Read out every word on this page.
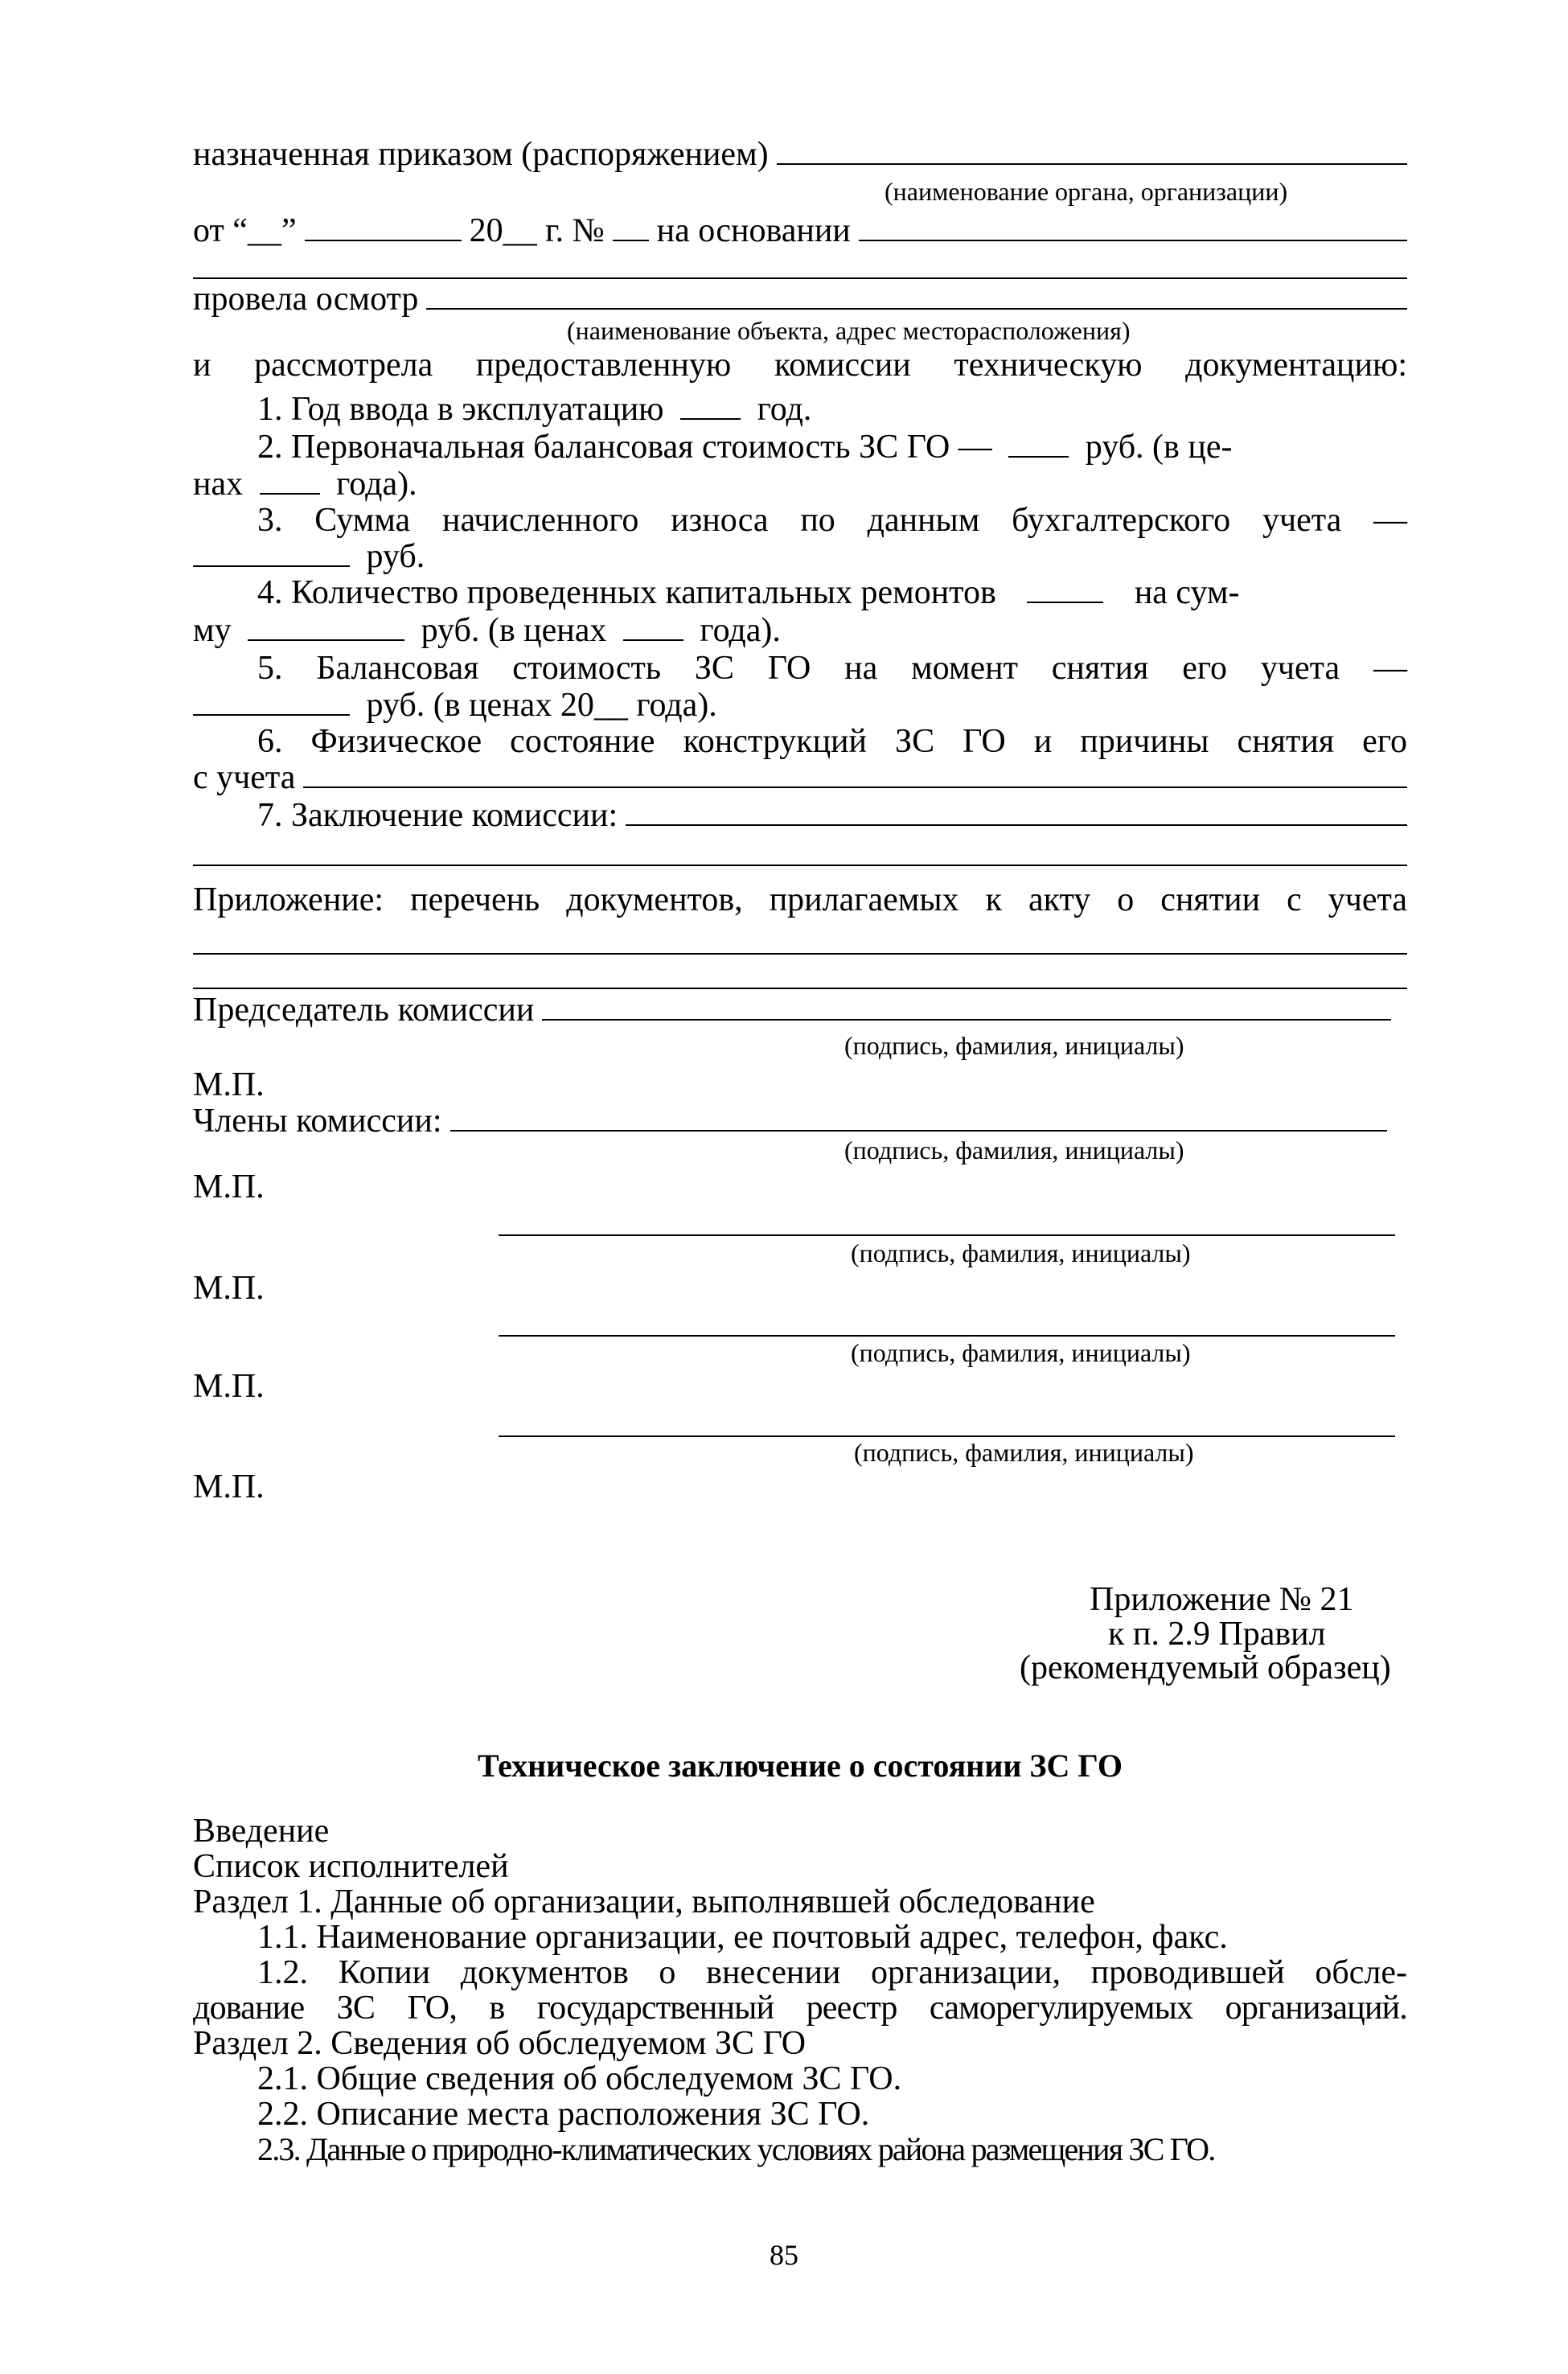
назначенная приказом (распоряжением)
(наименование органа, организации)
от “__”	20__ г. № на основании
провела осмотр
(наименование объекта, адрес месторасположения)
и рассмотрела предоставленную комиссии техническую документацию:
1. Год ввода в эксплуатацию	год.
2. Первоначальная балансовая стоимость ЗС ГО —	руб. (в це-
нах	года).
3. Сумма начисленного износа по данным бухгалтерского учета —
руб.
4. Количество проведенных капитальных ремонтов	на сум-
му	руб. (в ценах	года).
5. Балансовая стоимость ЗС ГО на момент снятия его учета —
руб. (в ценах 20__ года).
6. Физическое состояние конструкций ЗС ГО и причины снятия его
с учета
7. Заключение комиссии:
Приложение: перечень документов, прилагаемых к акту о снятии с учета
Председатель комиссии
(подпись, фамилия, инициалы)
М.П.
Члены комиссии:
(подпись, фамилия, инициалы)
М.П.
(подпись, фамилия, инициалы)
М.П.
(подпись, фамилия, инициалы)
М.П.
(подпись, фамилия, инициалы)
М.П.
Приложение № 21
к п. 2.9 Правил
(рекомендуемый образец)
Техническое заключение о состоянии ЗС ГО
Введение
Список исполнителей
Раздел 1. Данные об организации, выполнявшей обследование
1.1. Наименование организации, ее почтовый адрес, телефон, факс.
1.2. Копии документов о внесении организации, проводившей обсле-
дование ЗС ГО, в государственный реестр саморегулируемых организаций.
Раздел 2. Сведения об обследуемом ЗС ГО
2.1. Общие сведения об обследуемом ЗС ГО.
2.2. Описание места расположения ЗС ГО.
2.3. Данные о природно-климатических условиях района размещения ЗС ГО.
85
